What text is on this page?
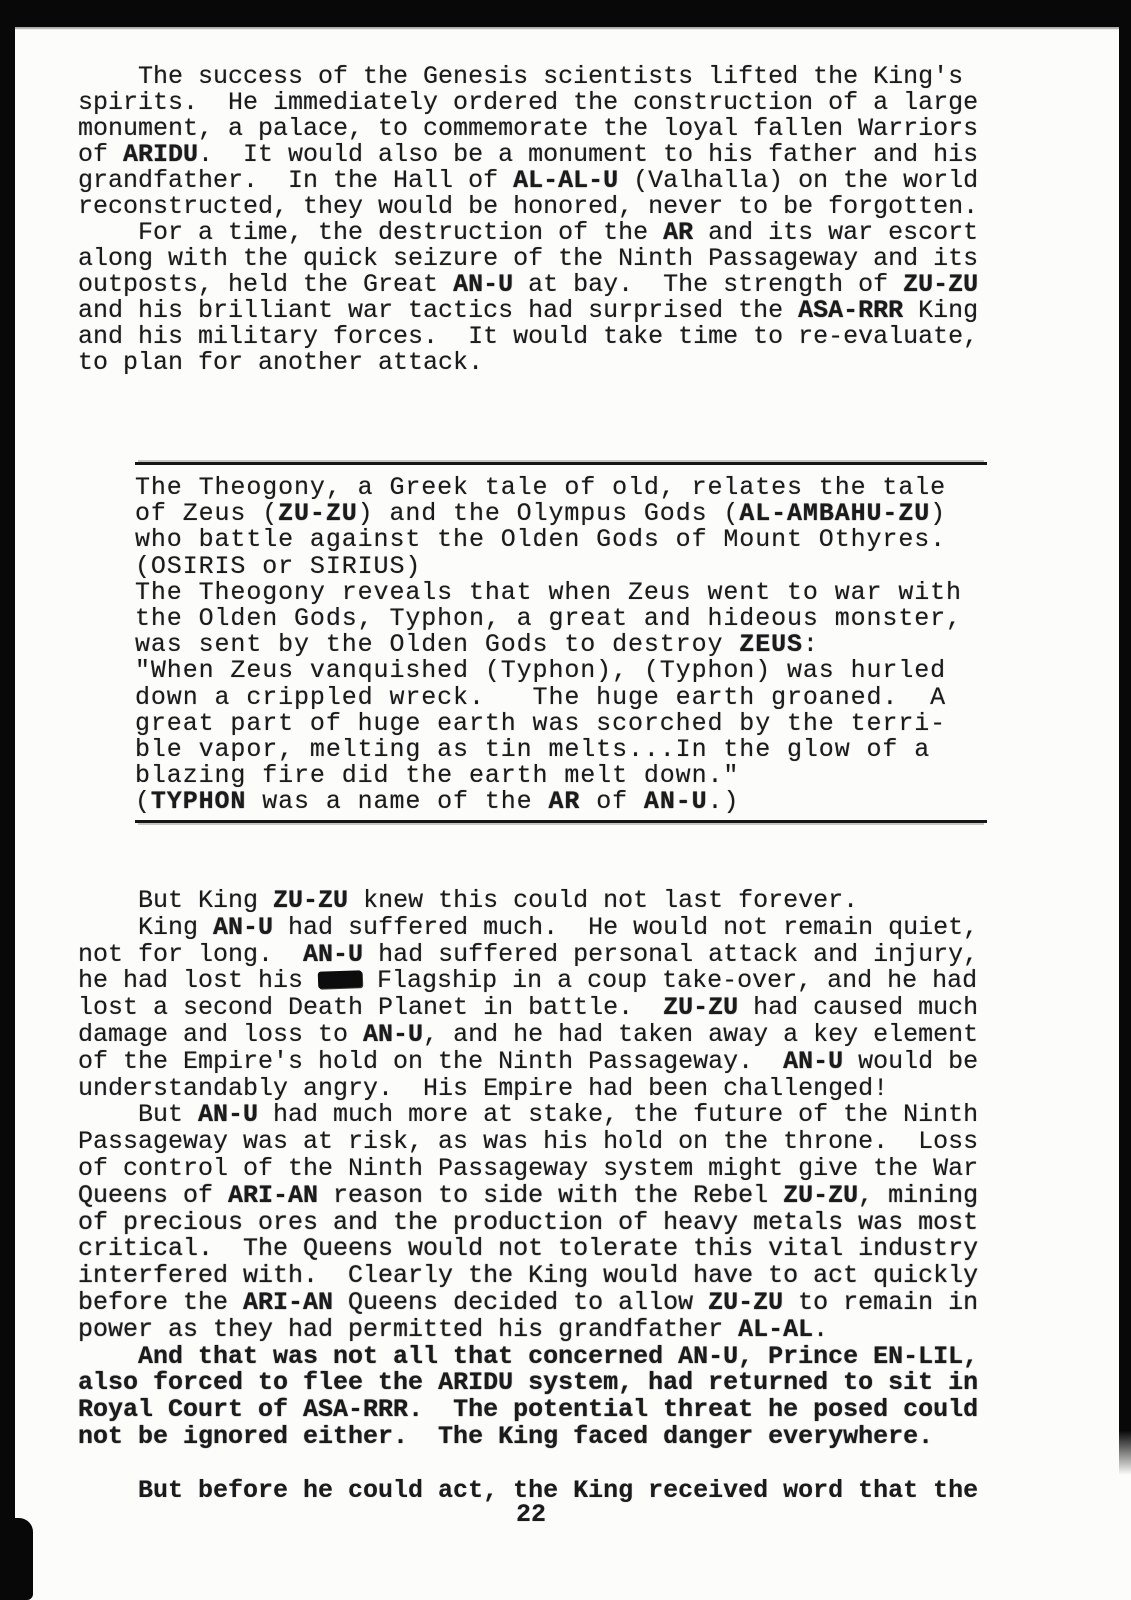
The success of the Genesis scientists lifted the King's
spirits.  He immediately ordered the construction of a large
monument, a palace, to commemorate the loyal fallen Warriors
of ARIDU.  It would also be a monument to his father and his
grandfather.  In the Hall of AL-AL-U (Valhalla) on the world
reconstructed, they would be honored, never to be forgotten.
For a time, the destruction of the AR and its war escort
along with the quick seizure of the Ninth Passageway and its
outposts, held the Great AN-U at bay.  The strength of ZU-ZU
and his brilliant war tactics had surprised the ASA-RRR King
and his military forces.  It would take time to re-evaluate,
to plan for another attack.
The Theogony, a Greek tale of old, relates the tale
of Zeus (ZU-ZU) and the Olympus Gods (AL-AMBAHU-ZU)
who battle against the Olden Gods of Mount Othyres.
(OSIRIS or SIRIUS)
The Theogony reveals that when Zeus went to war with
the Olden Gods, Typhon, a great and hideous monster,
was sent by the Olden Gods to destroy ZEUS:
"When Zeus vanquished (Typhon), (Typhon) was hurled
down a crippled wreck.   The huge earth groaned.  A
great part of huge earth was scorched by the terri-
ble vapor, melting as tin melts...In the glow of a
blazing fire did the earth melt down."
(TYPHON was a name of the AR of AN-U.)
But King ZU-ZU knew this could not last forever.
King AN-U had suffered much.  He would not remain quiet,
not for long.  AN-U had suffered personal attack and injury,
he had lost his  Flagship in a coup take-over, and he had
lost a second Death Planet in battle.  ZU-ZU had caused much
damage and loss to AN-U, and he had taken away a key element
of the Empire's hold on the Ninth Passageway.  AN-U would be
understandably angry.  His Empire had been challenged!
But AN-U had much more at stake, the future of the Ninth
Passageway was at risk, as was his hold on the throne.  Loss
of control of the Ninth Passageway system might give the War
Queens of ARI-AN reason to side with the Rebel ZU-ZU, mining
of precious ores and the production of heavy metals was most
critical.  The Queens would not tolerate this vital industry
interfered with.  Clearly the King would have to act quickly
before the ARI-AN Queens decided to allow ZU-ZU to remain in
power as they had permitted his grandfather AL-AL.
And that was not all that concerned AN-U, Prince EN-LIL,
also forced to flee the ARIDU system, had returned to sit in
Royal Court of ASA-RRR.  The potential threat he posed could
not be ignored either.  The King faced danger everywhere.
But before he could act, the King received word that the
22
